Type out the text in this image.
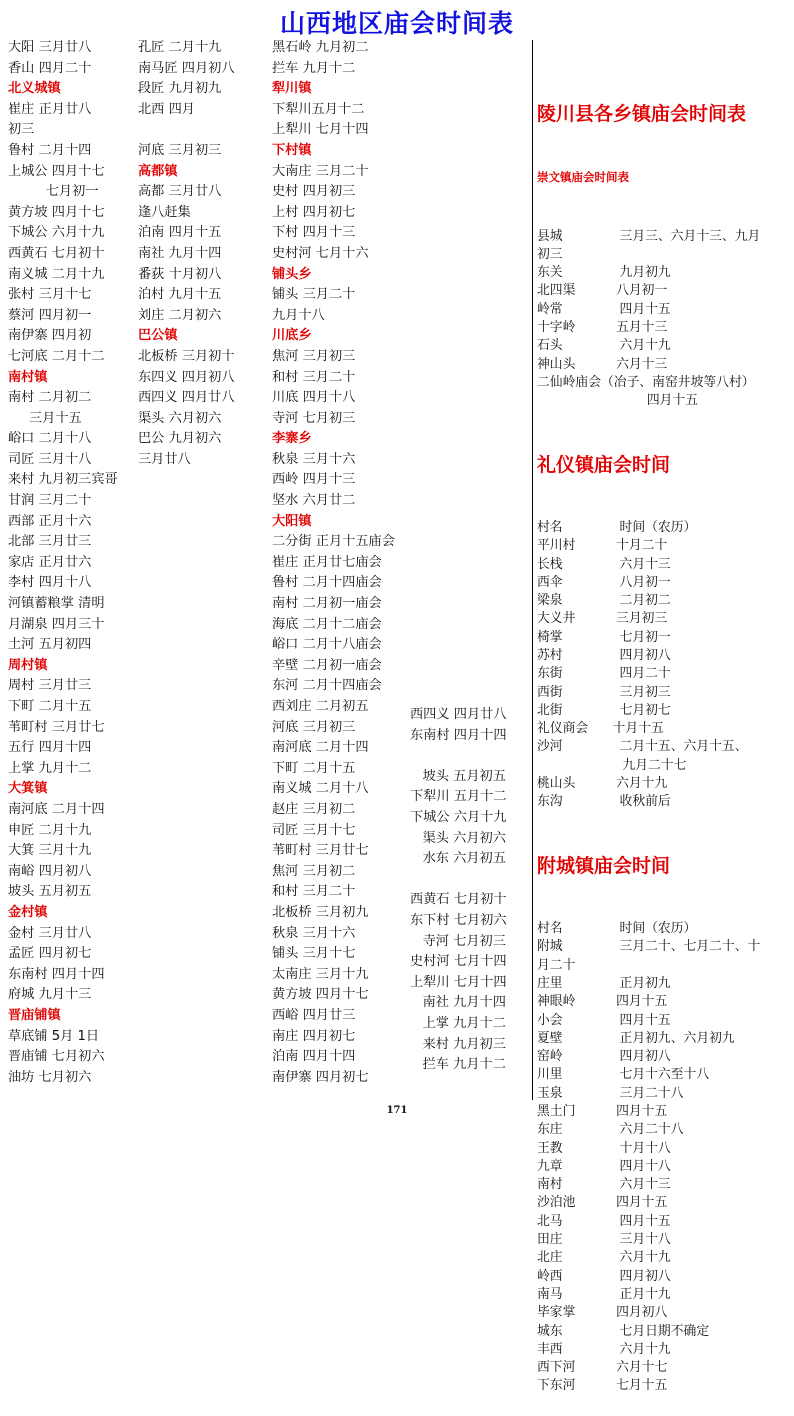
山西地区庙会时间表
大阳 三月廿八
香山 四月二十
北义城镇
崔庄 正月廿八
初三
鲁村 二月十四
上城公 四月十七
七月初一
黄方坡 四月十七
下城公 六月十九
西黄石 七月初十
南义城 二月十九
张村 三月十七
蔡河 四月初一
南伊寨 四月初
七河底 二月十二
南村镇
南村 二月初二
三月十五
峪口 二月十八
司匠 三月十八
来村 九月初三宾哥
甘润 三月二十
西部 正月十六
北部 三月廿三
家店 正月廿六
李村 四月十八
河镇蓄粮掌 清明
月湖泉 四月三十
土河 五月初四
周村镇
周村 三月廿三
下町 二月十五
苇町村 三月廿七
五行 四月十四
上掌 九月十二
大箕镇
南河底 二月十四
申匠 二月十九
大箕 三月十九
南峪 四月初八
坡头 五月初五
金村镇
金村 三月廿八
孟匠 四月初七
东南村 四月十四
府城 九月十三
晋庙铺镇
草底铺 5月 1日
晋庙铺 七月初六
油坊 七月初六
孔匠 二月十九
南马匠 四月初八
段匠 九月初九
北西 四月
河底 三月初三
高都镇
高都 三月廿八
逢八赶集
泊南 四月十五
南社 九月十四
番荻 十月初八
泊村 九月十五
刘庄 二月初六
巴公镇
北板桥 三月初十
东四义 四月初八
西四义 四月廿八
渠头 六月初六
巴公 九月初六
三月廿八
黑石岭 九月初二
拦车 九月十二
犁川镇
下犁川五月十二
上犁川 七月十四
下村镇
大南庄 三月二十
史村 四月初三
上村 四月初七
下村 四月十三
史村河 七月十六
铺头乡
铺头 三月二十
九月十八
川底乡
焦河 三月初三
和村 三月二十
川底 四月十八
寺河 七月初三
李寨乡
秋泉 三月十六
西岭 四月十三
坚水 六月廿二
大阳镇
二分街 正月十五庙会
崔庄 正月廿七庙会
鲁村 二月十四庙会
南村 二月初一庙会
海底 二月十二庙会
峪口 二月十八庙会
辛壁 二月初一庙会
东河 二月十四庙会
西刘庄 二月初五
河底 三月初三
南河底 二月十四
下町 二月十五
南义城 二月十八
赵庄 三月初二
司匠 三月十七
苇町村 三月廿七
焦河 三月初二
和村 三月二十
北板桥 三月初九
秋泉 三月十六
铺头 三月十七
太南庄 三月十九
黄方坡 四月十七
西峪 四月廿三
南庄 四月初七
泊南 四月十四
南伊寨 四月初七
西四义 四月廿八
东南村 四月十四
坡头 五月初五
下犁川 五月十二
下城公 六月十九
渠头 六月初六
水东 六月初五
西黄石 七月初十
东下村 七月初六
寺河 七月初三
史村河 七月十四
上犁川 七月十四
南社 九月十四
上掌 九月十二
来村 九月初三
拦车 九月十二

陵川县各乡镇庙会时间表

崇文镇庙会时间表

县城              三月三、六月十三、九月
初三
东关              九月初九
北四渠          八月初一
岭常              四月十五
十字岭          五月十三
石头              六月十九
神山头          六月十三
二仙岭庙会（冶子、南窑井坡等八村）
四月十五

礼仪镇庙会时间

村名              时间（农历）
平川村          十月二十
长栈              六月十三
西伞              八月初一
梁泉              二月初二
大义井          三月初三
椅掌              七月初一
苏村              四月初八
东街              四月二十
西街              三月初三
北街              七月初七
礼仪商会      十月十五
沙河              二月十五、六月十五、
九月二十七
桃山头          六月十九
东沟              收秋前后

附城镇庙会时间

村名              时间（农历）
附城              三月二十、七月二十、十
月二十
庄里              正月初九
神眼岭          四月十五
小会              四月十五
夏壁              正月初九、六月初九
窑岭              四月初八
川里              七月十六至十八
玉泉              三月二十八
黑土门          四月十五
东庄              六月二十八
王教              十月十八
九章              四月十八
南村              六月十三
沙泊池          四月十五
北马              四月十五
田庄              三月十八
北庄              六月十九
岭西              四月初八
南马              正月十九
毕家掌          四月初八
城东              七月日期不确定
丰西              六月十九
西下河          六月十七
下东河          七月十五

171
